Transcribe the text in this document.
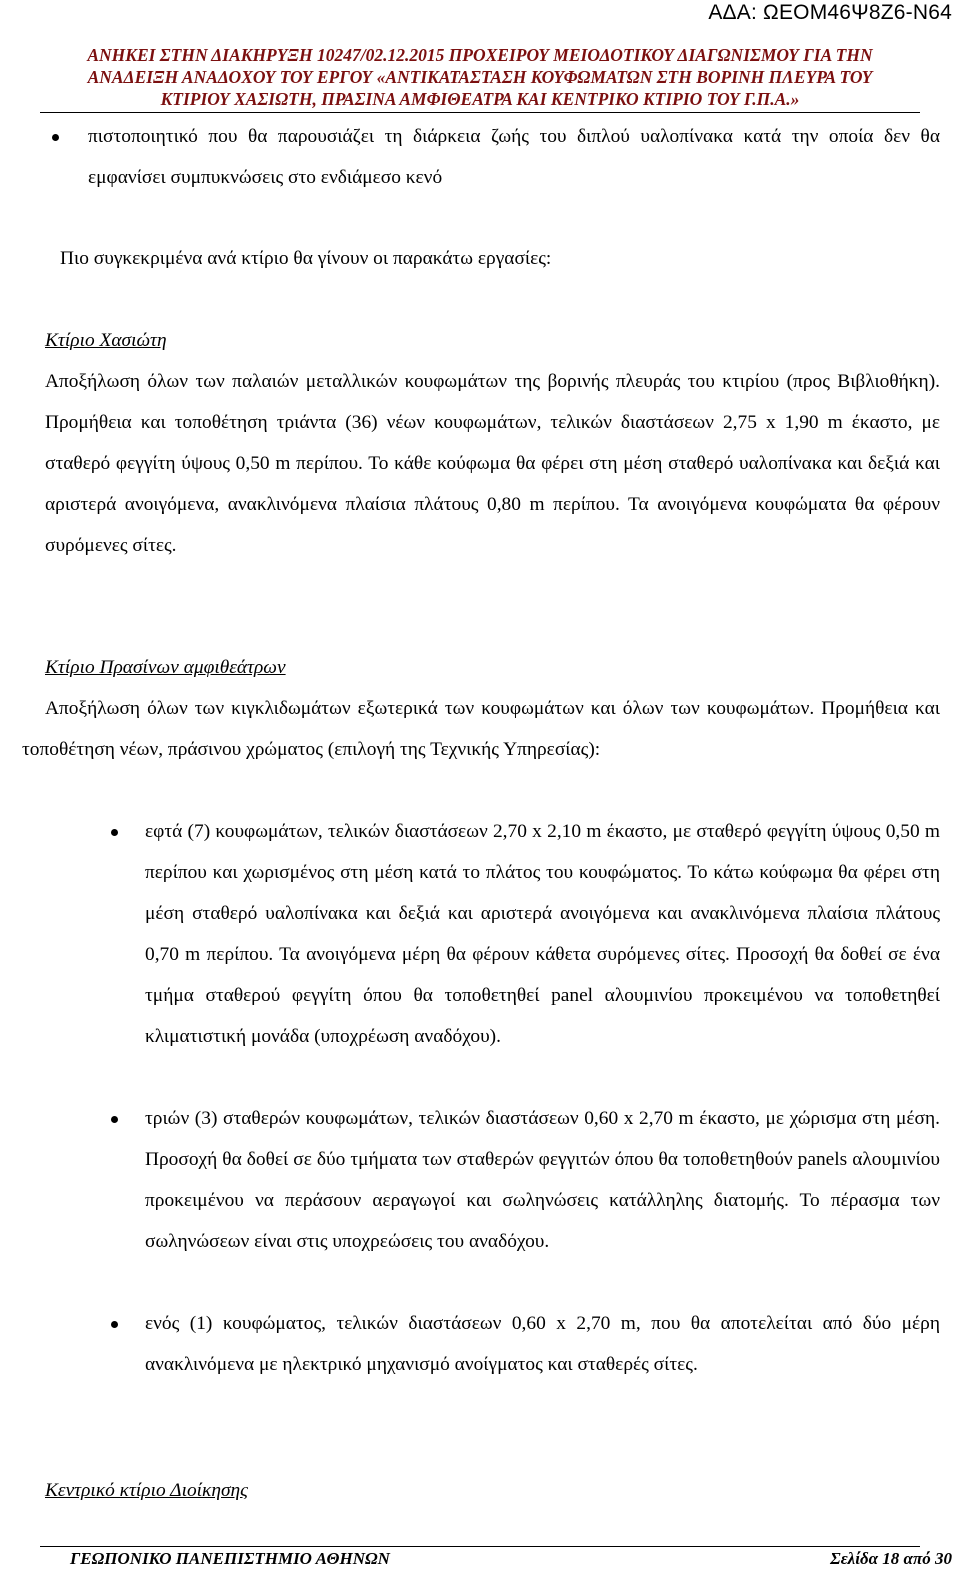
ΑΔΑ: ΩΕΟΜ46Ψ8Ζ6-Ν64
ΑΝΗΚΕΙ ΣΤΗΝ ΔΙΑΚΗΡΥΞΗ 10247/02.12.2015 ΠΡΟΧΕΙΡΟΥ ΜΕΙΟΔΟΤΙΚΟΥ ΔΙΑΓΩΝΙΣΜΟΥ ΓΙΑ ΤΗΝ
ΑΝΑΔΕΙΞΗ ΑΝΑΔΟΧΟΥ ΤΟΥ ΕΡΓΟΥ «ΑΝΤΙΚΑΤΑΣΤΑΣΗ ΚΟΥΦΩΜΑΤΩΝ ΣΤΗ ΒΟΡΙΝΗ ΠΛΕΥΡΑ ΤΟΥ
ΚΤΙΡΙΟΥ ΧΑΣΙΩΤΗ, ΠΡΑΣΙΝΑ ΑΜΦΙΘΕΑΤΡΑ ΚΑΙ ΚΕΝΤΡΙΚΟ ΚΤΙΡΙΟ ΤΟΥ Γ.Π.Α.»

πιστοποιητικό που θα παρουσιάζει τη διάρκεια ζωής του διπλού υαλοπίνακα κατά την οποία δεν θα εμφανίσει συμπυκνώσεις στο ενδιάμεσο κενό

Πιο συγκεκριμένα ανά κτίριο θα γίνουν οι παρακάτω εργασίες:

Κτίριο Χασιώτη

Αποξήλωση όλων των παλαιών μεταλλικών κουφωμάτων της βορινής πλευράς του κτιρίου (προς Βιβλιοθήκη). Προμήθεια και τοποθέτηση τριάντα (36) νέων κουφωμάτων, τελικών διαστάσεων 2,75 x 1,90 m έκαστο, με σταθερό φεγγίτη ύψους 0,50 m περίπου. Το κάθε κούφωμα θα φέρει στη μέση σταθερό υαλοπίνακα και δεξιά και αριστερά ανοιγόμενα, ανακλινόμενα πλαίσια πλάτους 0,80 m περίπου. Τα ανοιγόμενα κουφώματα θα φέρουν συρόμενες σίτες.

Κτίριο Πρασίνων αμφιθεάτρων

Αποξήλωση όλων των κιγκλιδωμάτων εξωτερικά των κουφωμάτων και όλων των κουφωμάτων. Προμήθεια και τοποθέτηση νέων, πράσινου χρώματος (επιλογή της Τεχνικής Υπηρεσίας):

εφτά (7) κουφωμάτων, τελικών διαστάσεων 2,70 x 2,10 m έκαστο, με σταθερό φεγγίτη ύψους 0,50 m περίπου και χωρισμένος στη μέση κατά το πλάτος του κουφώματος. Το κάτω κούφωμα θα φέρει στη μέση σταθερό υαλοπίνακα και δεξιά και αριστερά ανοιγόμενα και ανακλινόμενα πλαίσια πλάτους 0,70 m περίπου. Τα ανοιγόμενα μέρη θα φέρουν κάθετα συρόμενες σίτες. Προσοχή θα δοθεί σε ένα τμήμα σταθερού φεγγίτη όπου θα τοποθετηθεί panel αλουμινίου προκειμένου να τοποθετηθεί κλιματιστική μονάδα (υποχρέωση αναδόχου).

τριών (3) σταθερών κουφωμάτων, τελικών διαστάσεων 0,60 x 2,70 m έκαστο, με χώρισμα στη μέση. Προσοχή θα δοθεί σε δύο τμήματα των σταθερών φεγγιτών όπου θα τοποθετηθούν panels αλουμινίου προκειμένου να περάσουν αεραγωγοί και σωληνώσεις κατάλληλης διατομής. Το πέρασμα των σωληνώσεων είναι στις υποχρεώσεις του αναδόχου.

ενός (1) κουφώματος, τελικών διαστάσεων 0,60 x 2,70 m, που θα αποτελείται από δύο μέρη ανακλινόμενα με ηλεκτρικό μηχανισμό ανοίγματος και σταθερές σίτες.

Κεντρικό κτίριο Διοίκησης
ΓΕΩΠΟΝΙΚΟ ΠΑΝΕΠΙΣΤΗΜΙΟ ΑΘΗΝΩΝ	Σελίδα 18 από 30
